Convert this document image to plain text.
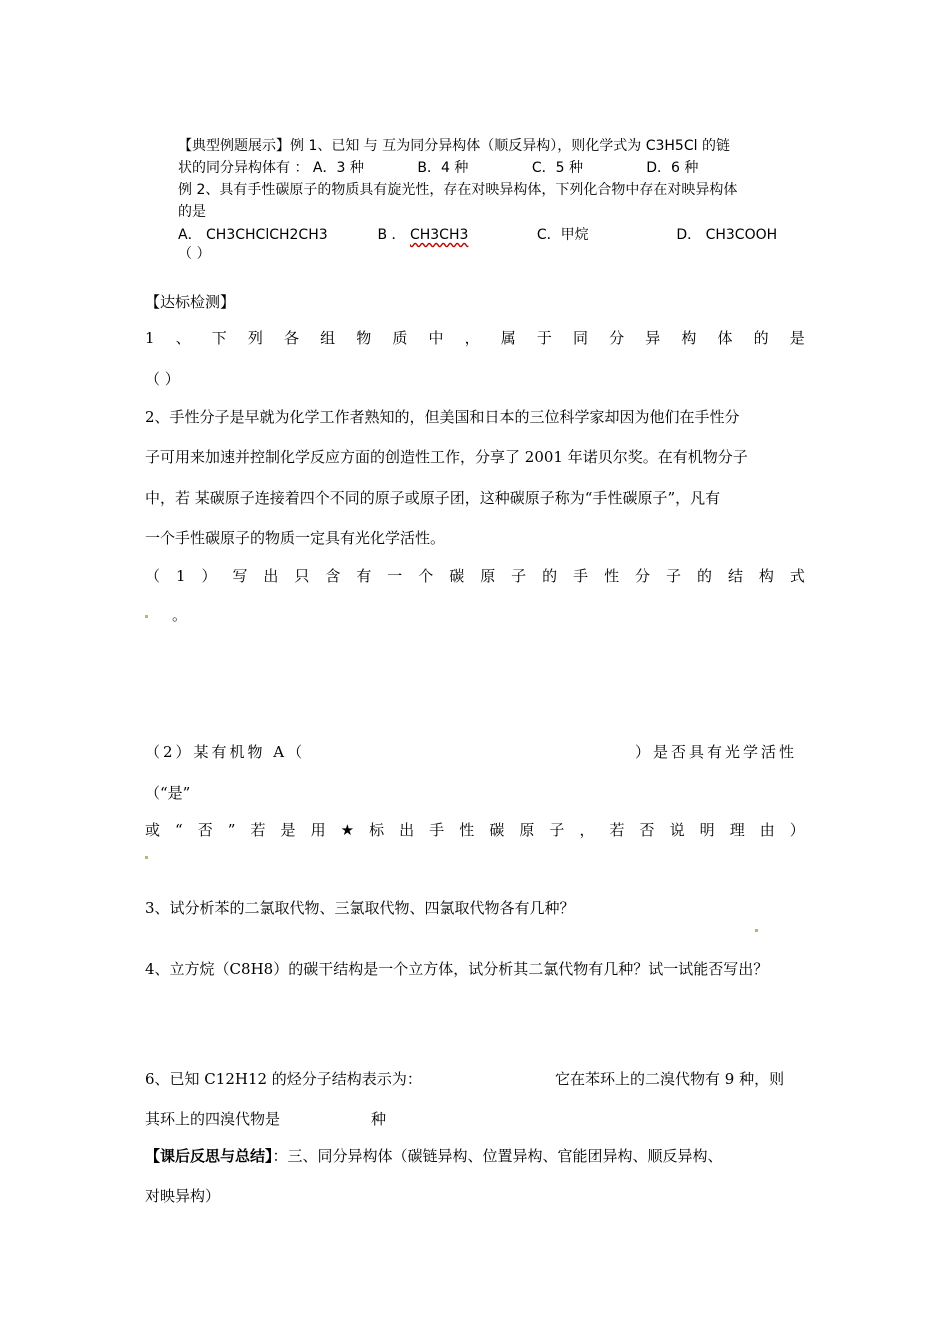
【典型例题展示】例 1、已知 与 互为同分异构体（顺反异构），则化学式为 C3H5Cl 的链
状的同分异构体有 ： A．3 种	B．4 种	C．5 种	D．6 种
例 2、具有手性碳原子的物质具有旋光性，存在对映异构体，下列化合物中存在对映异构体
的是
A． CH3CHClCH2CH3	B ． CH3CH3	C．甲烷	D． CH3COOH
（ ）
【达标检测】
1 、 下 列 各 组 物 质 中 ， 属 于 同 分 异 构 体 的 是
（ ）
2、手性分子是早就为化学工作者熟知的，但美国和日本的三位科学家却因为他们在手性分
子可用来加速并控制化学反应方面的创造性工作，分享了 2001 年诺贝尔奖。在有机物分子
中，若 某碳原子连接着四个不同的原子或原子团，这种碳原子称为“手性碳原子”，凡有
一个手性碳原子的物质一定具有光化学活性。
（ 1 ） 写 出 只 含 有 一 个 碳 原 子 的 手 性 分 子 的 结 构 式
。
（2）某有机物 A（	）是否具有光学活性
（“是”
或 “ 否 ” 若 是 用 ★ 标 出 手 性 碳 原 子 ， 若 否 说 明 理 由 ）
3、试分析苯的二氯取代物、三氯取代物、四氯取代物各有几种？
4、立方烷（C8H8）的碳干结构是一个立方体，试分析其二氯代物有几种？试一试能否写出？
6、已知 C12H12 的烃分子结构表示为：	它在苯环上的二溴代物有 9 种，则
其环上的四溴代物是	种
【课后反思与总结】：三、同分异构体（碳链异构、位置异构、官能团异构、顺反异构、
对映异构）
